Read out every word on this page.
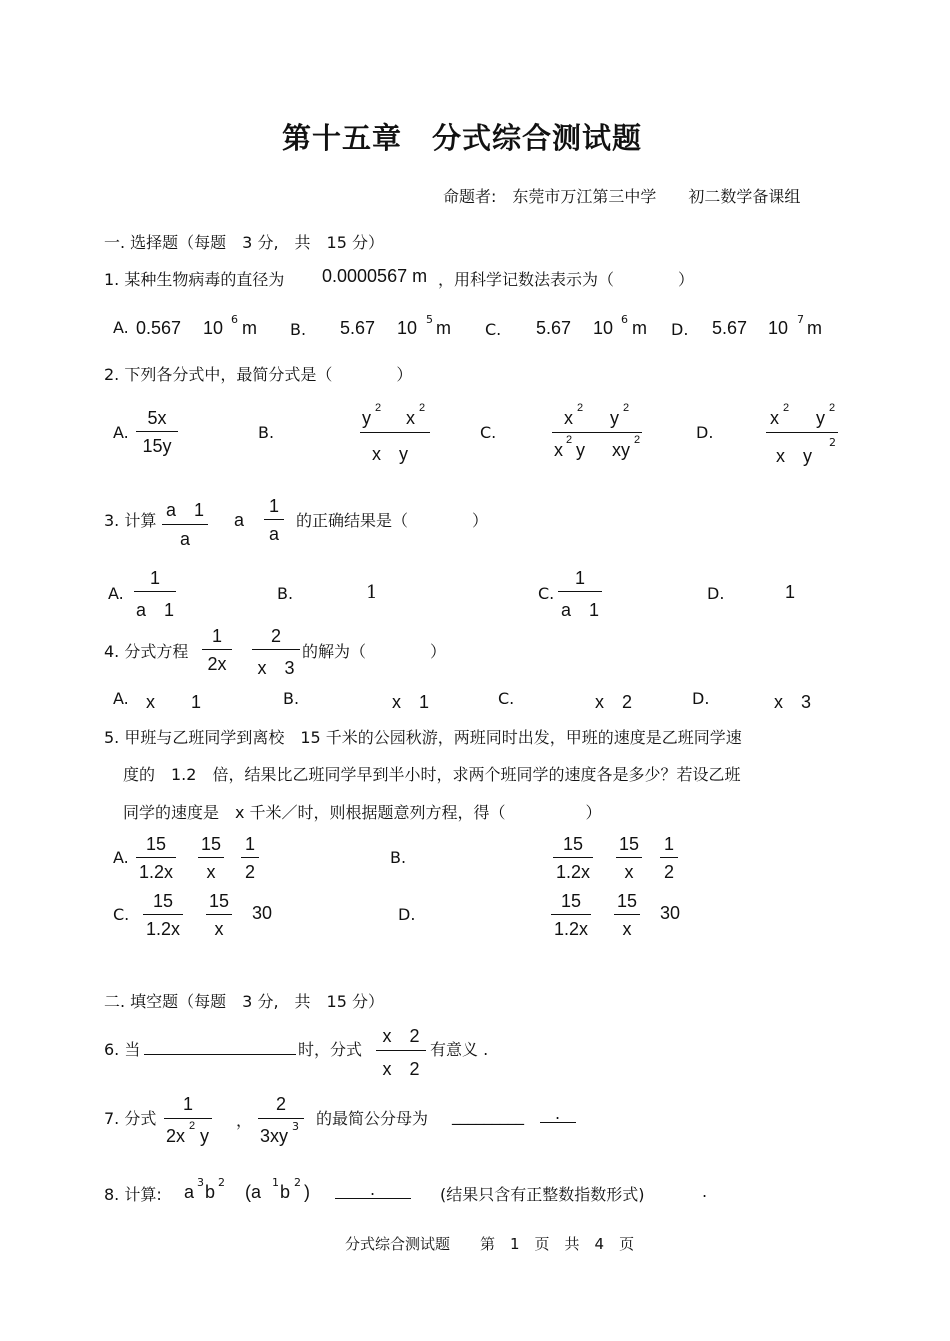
第十五章　分式综合测试题
命题者:　东莞市万江第三中学　　初二数学备课组
一. 选择题（每题　3 分,　共　15 分）
1. 某种生物病毒的直径为 0.0000567 m ，用科学记数法表示为（　　　　）
A. 0.567 10 6 m B. 5.67 10 5 m C. 5.67 10 6 m D. 5.67 10 7 m
2. 下列各分式中，最简分式是（　　　　）
A. $\frac{5x}{15y}$	B.
y 2 x 2
x　y
C.
x 2 y 2
x 2 y xy 2	D.
x 2 y 2
x　y
2
3. 计算 $\frac{a 1}{a}$ a $\frac{1}{a}$ 的正确结果是（　　　　）
A. $\frac{1}{a 1}$	B.	1	C. $\frac{1}{a 1}$	D.	1
4. 分式方程 $\frac{1}{2x} \frac{2}{x 3}$ 的解为（　　　　）
A. x　　1	B.	x　1	C.	x　2	D.	x　3
5. 甲班与乙班同学到离校　15 千米的公园秋游，两班同时出发，甲班的速度是乙班同学速
度的　1.2　倍，结果比乙班同学早到半小时，求两个班同学的速度各是多少？若设乙班
同学的速度是　x 千米／时，则根据题意列方程，得（　　　　　）
A. $\frac{15}{1.2x} \frac{15}{x} \frac{1}{2}$	B.	$\frac{15}{1.2x} \frac{15}{x} \frac{1}{2}$
C. $\frac{15}{1.2x} \frac{15}{x} 30$	D.	$\frac{15}{1.2x} \frac{15}{x} 30$
二. 填空题（每题　3 分,　共　15 分）
6. 当	时，分式 $\frac{x 2}{x 2}$ 有意义 .
7. 分式
1
2x 2 y
，
2
3xy 3 的最简公分母为 _________ .
8. 计算: a 3 b 2 (a 1 b 2 )	.	(结果只含有正整数指数形式)	.
分式综合测试题　　第　1　页　共　4　页
